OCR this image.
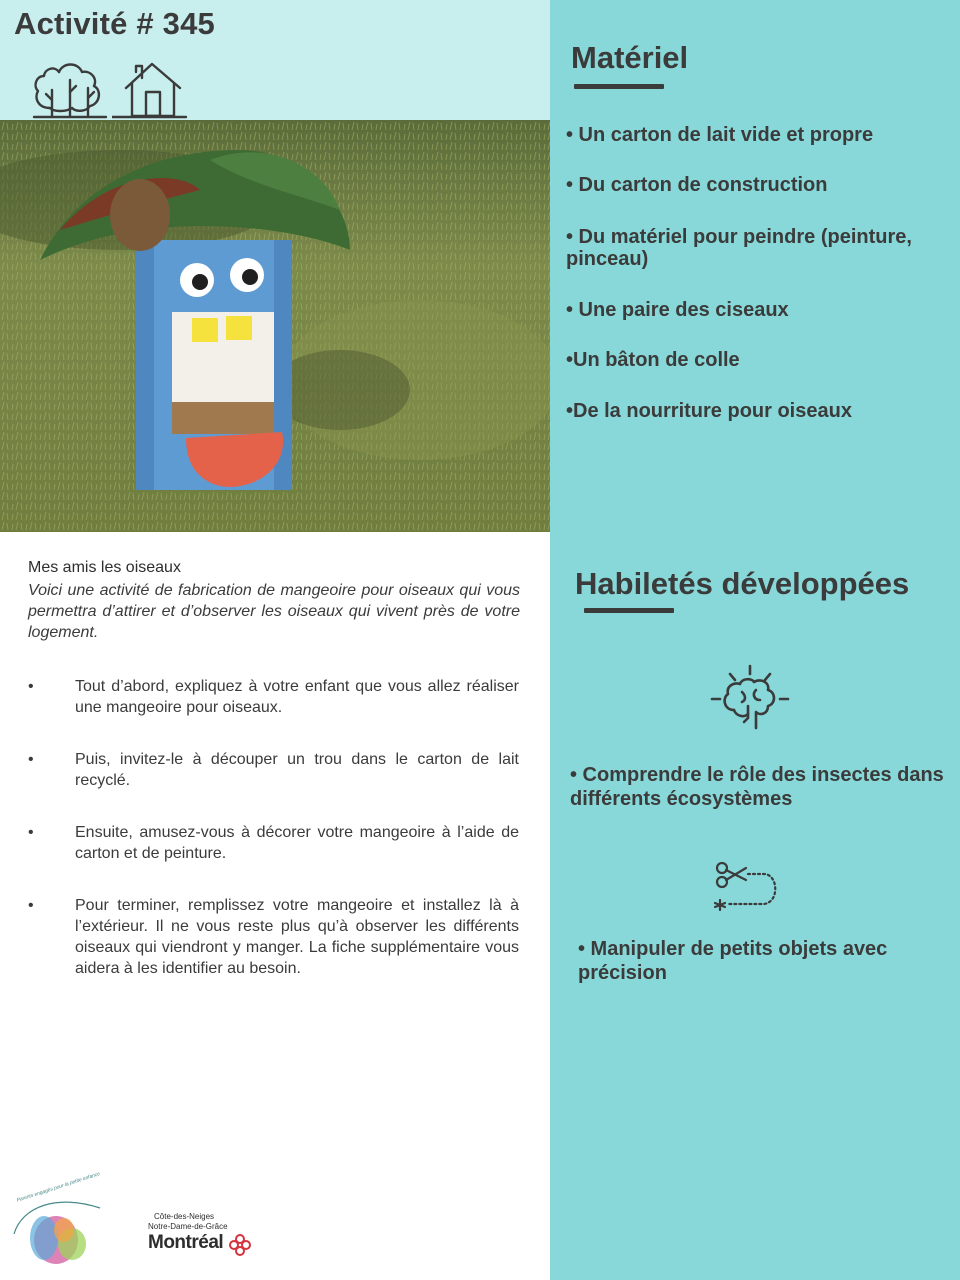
Activité # 345

Mes amis les oiseaux

Voici une activité de fabrication de mangeoire pour oiseaux qui vous permettra d’attirer et d’observer les oiseaux qui vivent près de votre logement.

•	Tout d’abord, expliquez à votre enfant que vous allez réaliser une mangeoire pour oiseaux.
•	Puis, invitez-le à découper un trou dans le carton de lait recyclé.
•	Ensuite, amusez-vous à décorer votre mangeoire à l’aide de carton et de peinture.
•	Pour terminer, remplissez votre mangeoire et installez là à l’extérieur. Il ne vous reste plus qu’à observer les différents oiseaux qui viendront y manger. La fiche supplémentaire vous aidera à les identifier au besoin.
Matériel
• Un carton de lait vide et propre
• Du carton de construction
• Du matériel pour peindre (peinture, pinceau)
• Une paire des ciseaux
•Un bâton de colle
•De la nourriture pour oiseaux
Habiletés développées
• Comprendre le rôle des insectes dans différents écosystèmes
• Manipuler de petits objets avec précision
Parents engagés pour la petite enfance
Côte-des-Neiges
Notre-Dame-de-Grâce
Montréal
